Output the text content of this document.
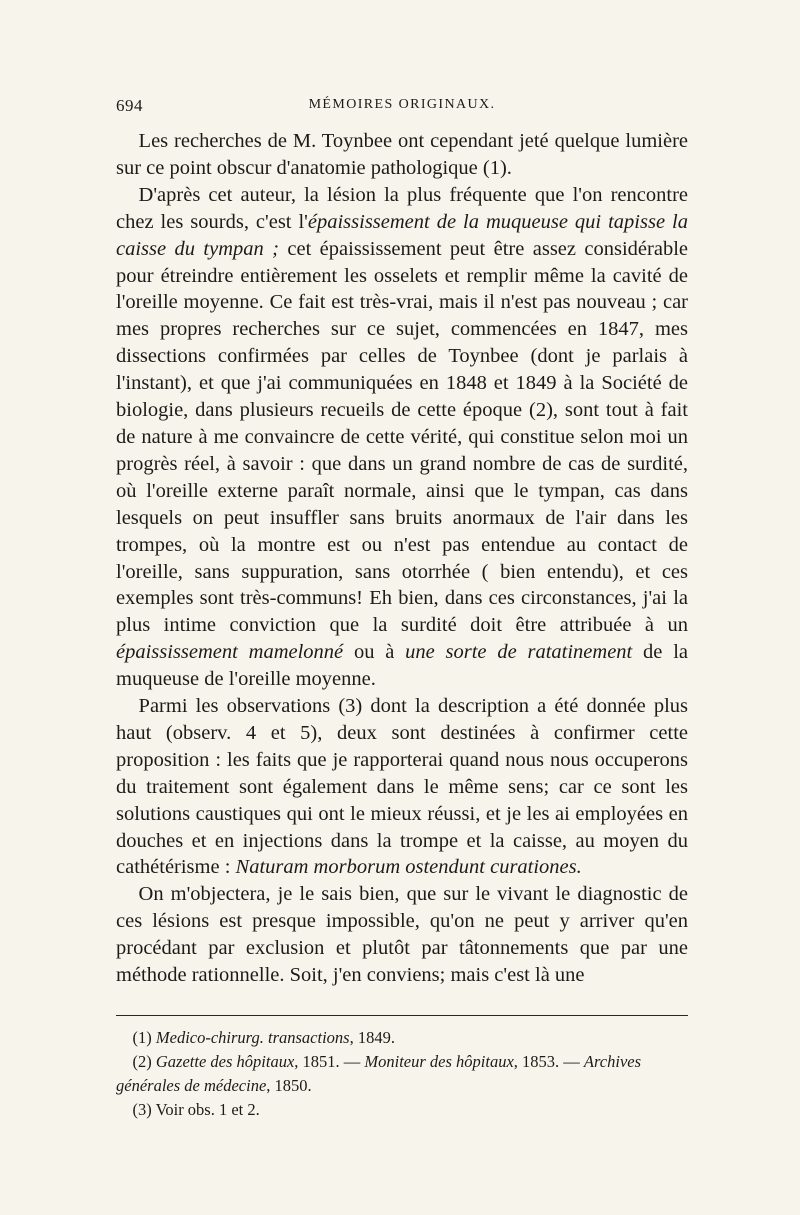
694	MÉMOIRES ORIGINAUX.

Les recherches de M. Toynbee ont cependant jeté quelque lumière sur ce point obscur d'anatomie pathologique (1).

D'après cet auteur, la lésion la plus fréquente que l'on rencontre chez les sourds, c'est l'épaississement de la muqueuse qui tapisse la caisse du tympan ; cet épaississement peut être assez considérable pour étreindre entièrement les osselets et remplir même la cavité de l'oreille moyenne. Ce fait est très-vrai, mais il n'est pas nouveau ; car mes propres recherches sur ce sujet, commencées en 1847, mes dissections confirmées par celles de Toynbee (dont je parlais à l'instant), et que j'ai communiquées en 1848 et 1849 à la Société de biologie, dans plusieurs recueils de cette époque (2), sont tout à fait de nature à me convaincre de cette vérité, qui constitue selon moi un progrès réel, à savoir : que dans un grand nombre de cas de surdité, où l'oreille externe paraît normale, ainsi que le tympan, cas dans lesquels on peut insuffler sans bruits anormaux de l'air dans les trompes, où la montre est ou n'est pas entendue au contact de l'oreille, sans suppuration, sans otorrhée ( bien entendu), et ces exemples sont très-communs! Eh bien, dans ces circonstances, j'ai la plus intime conviction que la surdité doit être attribuée à un épaississement mamelonné ou à une sorte de ratatinement de la muqueuse de l'oreille moyenne.

Parmi les observations (3) dont la description a été donnée plus haut (observ. 4 et 5), deux sont destinées à confirmer cette proposition : les faits que je rapporterai quand nous nous occuperons du traitement sont également dans le même sens; car ce sont les solutions caustiques qui ont le mieux réussi, et je les ai employées en douches et en injections dans la trompe et la caisse, au moyen du cathétérisme : Naturam morborum ostendunt curationes.

On m'objectera, je le sais bien, que sur le vivant le diagnostic de ces lésions est presque impossible, qu'on ne peut y arriver qu'en procédant par exclusion et plutôt par tâtonnements que par une méthode rationnelle. Soit, j'en conviens; mais c'est là une

(1) Medico-chirurg. transactions, 1849.
(2) Gazette des hôpitaux, 1851. — Moniteur des hôpitaux, 1853. — Archives générales de médecine, 1850.
(3) Voir obs. 1 et 2.
